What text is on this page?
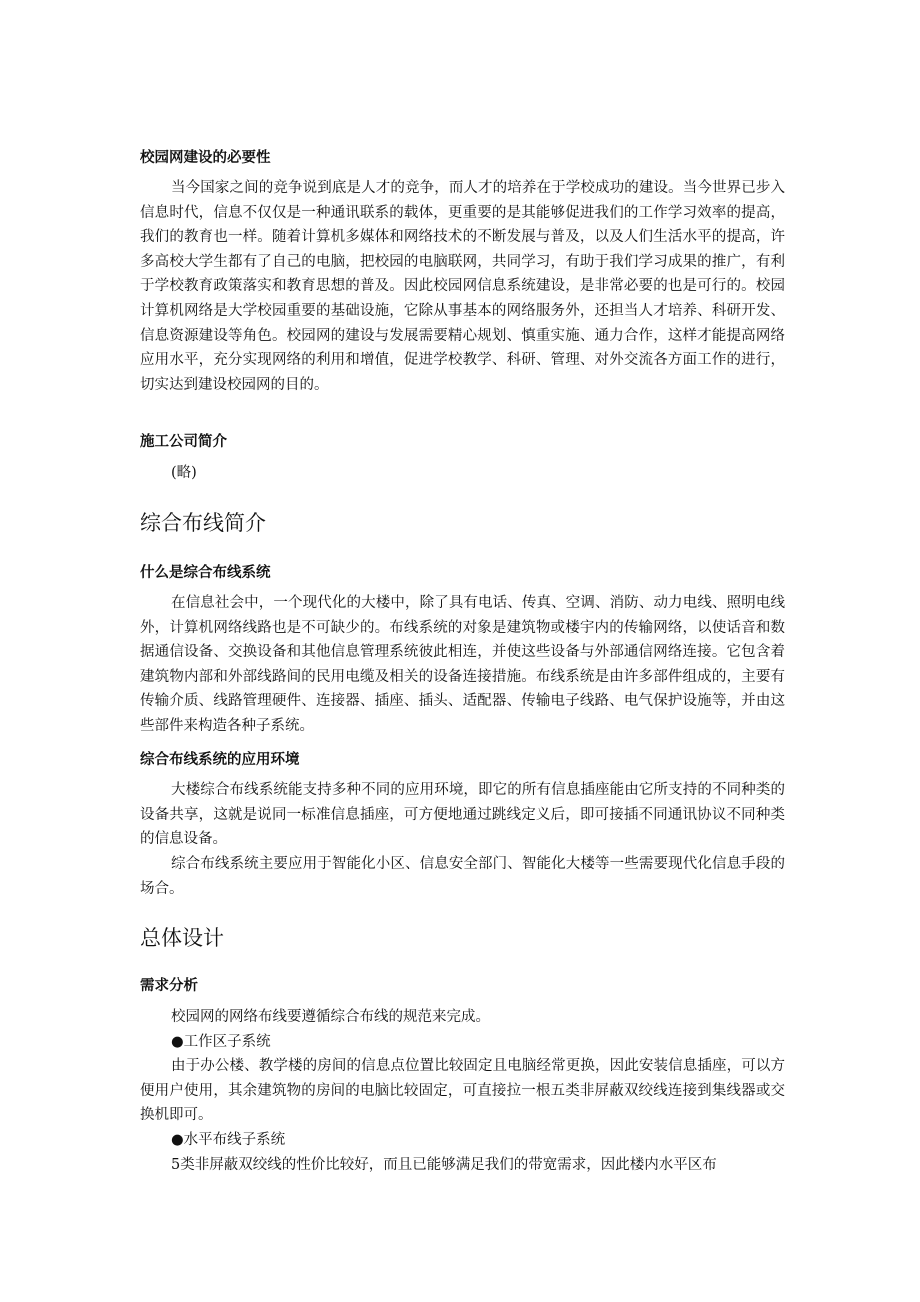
校园网建设的必要性

当今国家之间的竞争说到底是人才的竞争，而人才的培养在于学校成功的建设。当今世界已步入信息时代，信息不仅仅是一种通讯联系的载体，更重要的是其能够促进我们的工作学习效率的提高，我们的教育也一样。随着计算机多媒体和网络技术的不断发展与普及，以及人们生活水平的提高，许多高校大学生都有了自己的电脑，把校园的电脑联网，共同学习，有助于我们学习成果的推广，有利于学校教育政策落实和教育思想的普及。因此校园网信息系统建设，是非常必要的也是可行的。校园计算机网络是大学校园重要的基础设施，它除从事基本的网络服务外，还担当人才培养、科研开发、信息资源建设等角色。校园网的建设与发展需要精心规划、慎重实施、通力合作，这样才能提高网络应用水平，充分实现网络的利用和增值，促进学校教学、科研、管理、对外交流各方面工作的进行，切实达到建设校园网的目的。

施工公司简介

(略)

综合布线简介
什么是综合布线系统

在信息社会中，一个现代化的大楼中，除了具有电话、传真、空调、消防、动力电线、照明电线外，计算机网络线路也是不可缺少的。布线系统的对象是建筑物或楼宇内的传输网络，以使话音和数据通信设备、交换设备和其他信息管理系统彼此相连，并使这些设备与外部通信网络连接。它包含着建筑物内部和外部线路间的民用电缆及相关的设备连接措施。布线系统是由许多部件组成的，主要有传输介质、线路管理硬件、连接器、插座、插头、适配器、传输电子线路、电气保护设施等，并由这些部件来构造各种子系统。

综合布线系统的应用环境

大楼综合布线系统能支持多种不同的应用环境，即它的所有信息插座能由它所支持的不同种类的设备共享，这就是说同一标准信息插座，可方便地通过跳线定义后，即可接插不同通讯协议不同种类的信息设备。

综合布线系统主要应用于智能化小区、信息安全部门、智能化大楼等一些需要现代化信息手段的场合。

总体设计
需求分析

校园网的网络布线要遵循综合布线的规范来完成。

●工作区子系统

由于办公楼、教学楼的房间的信息点位置比较固定且电脑经常更换，因此安装信息插座，可以方便用户使用，其余建筑物的房间的电脑比较固定，可直接拉一根五类非屏蔽双绞线连接到集线器或交换机即可。

●水平布线子系统

5类非屏蔽双绞线的性价比较好，而且已能够满足我们的带宽需求，因此楼内水平区布
